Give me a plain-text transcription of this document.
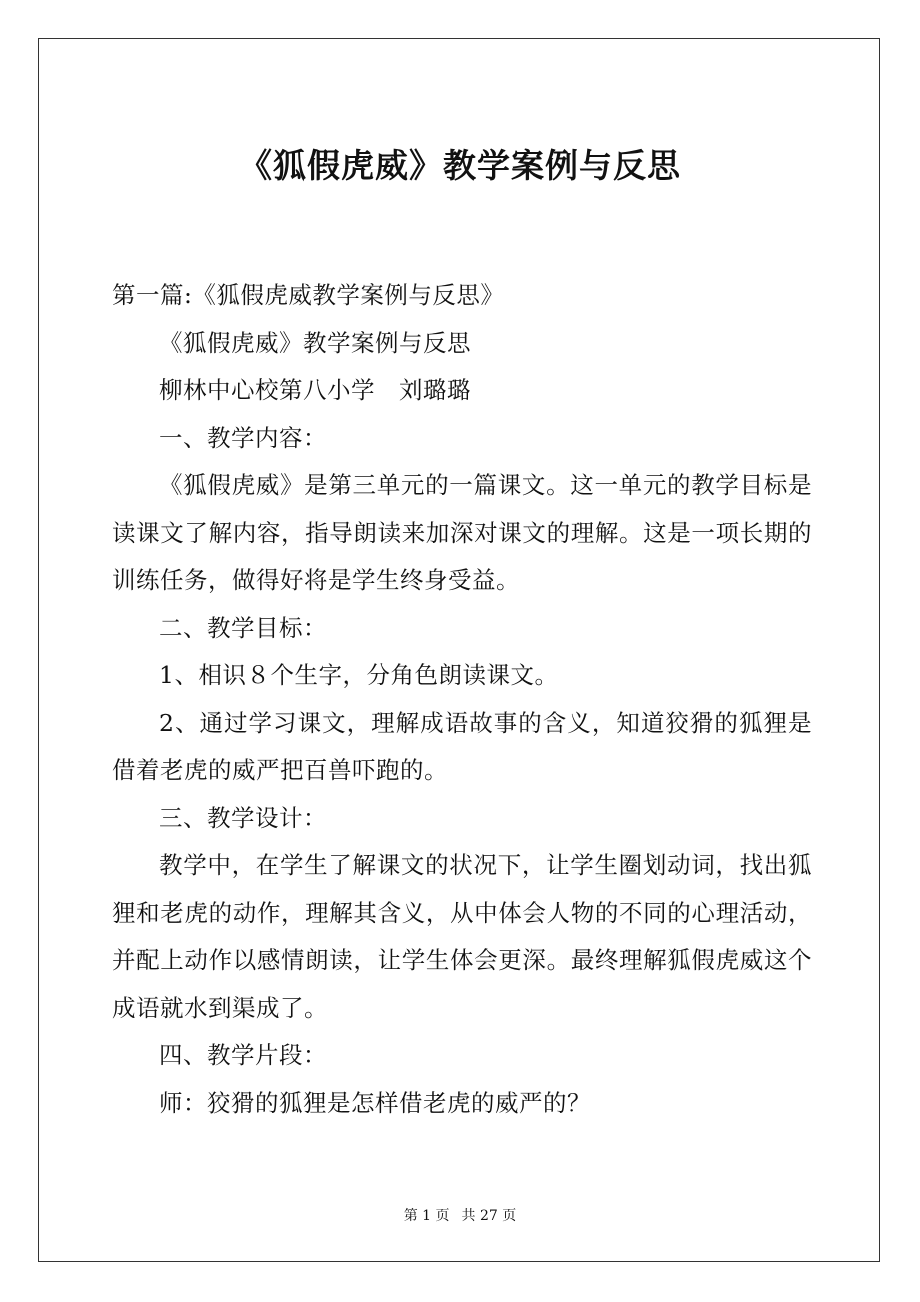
《狐假虎威》教学案例与反思

第一篇:《狐假虎威教学案例与反思》

《狐假虎威》教学案例与反思

柳林中心校第八小学　刘璐璐

一、教学内容：

《狐假虎威》是第三单元的一篇课文。这一单元的教学目标是读课文了解内容，指导朗读来加深对课文的理解。这是一项长期的训练任务，做得好将是学生终身受益。

二、教学目标：

1、相识８个生字，分角色朗读课文。

2、通过学习课文，理解成语故事的含义，知道狡猾的狐狸是借着老虎的威严把百兽吓跑的。

三、教学设计：

教学中，在学生了解课文的状况下，让学生圈划动词，找出狐狸和老虎的动作，理解其含义，从中体会人物的不同的心理活动，并配上动作以感情朗读，让学生体会更深。最终理解狐假虎威这个成语就水到渠成了。

四、教学片段：

师：狡猾的狐狸是怎样借老虎的威严的？

第 1 页 共 27 页
